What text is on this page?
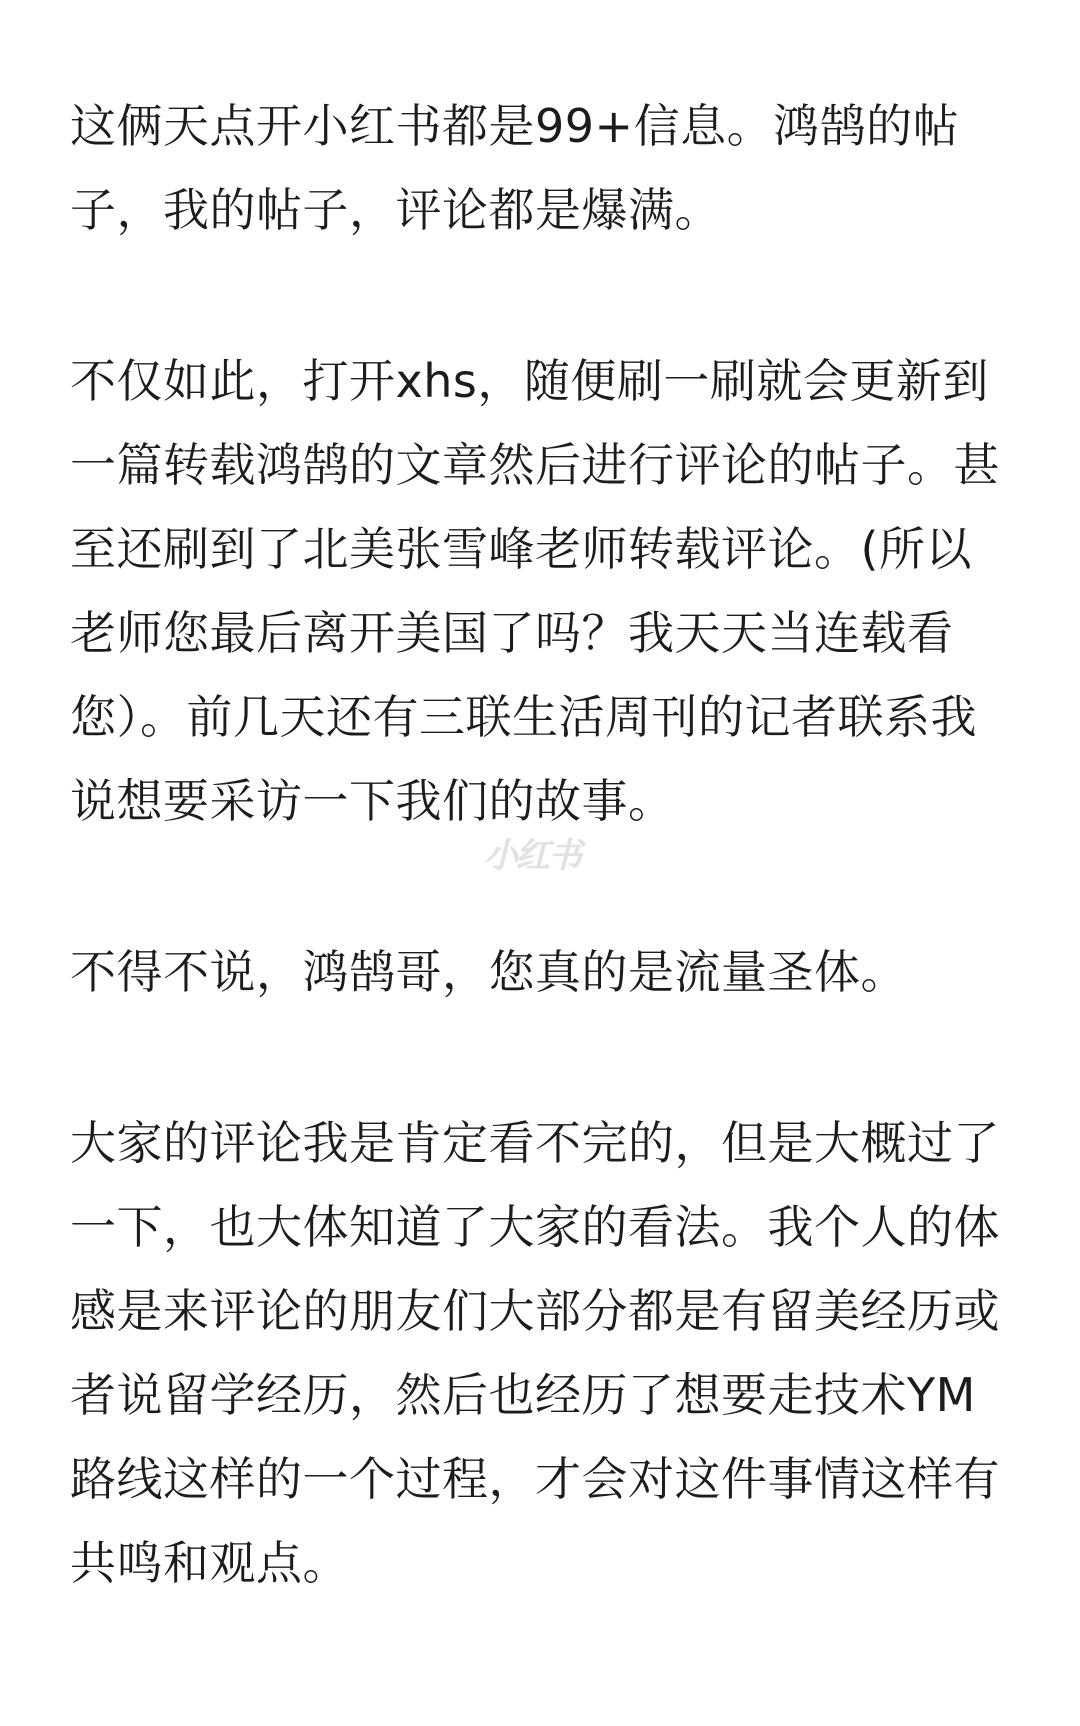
这俩天点开小红书都是99+信息。鸿鹄的帖
子，我的帖子，评论都是爆满。

不仅如此，打开xhs，随便刷一刷就会更新到
一篇转载鸿鹄的文章然后进行评论的帖子。甚
至还刷到了北美张雪峰老师转载评论。(所以
老师您最后离开美国了吗？我天天当连载看
您）。前几天还有三联生活周刊的记者联系我
说想要采访一下我们的故事。

不得不说，鸿鹄哥，您真的是流量圣体。

大家的评论我是肯定看不完的，但是大概过了
一下，也大体知道了大家的看法。我个人的体
感是来评论的朋友们大部分都是有留美经历或
者说留学经历，然后也经历了想要走技术YM
路线这样的一个过程，才会对这件事情这样有
共鸣和观点。

小红书
